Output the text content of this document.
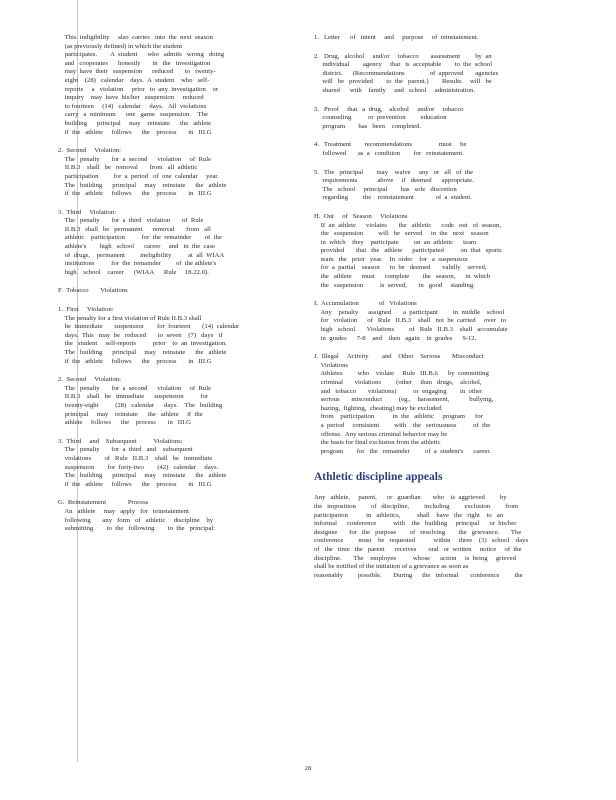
This  indigibility     also  carries   into  the  next  season
(as previously defined) in which the student
participates.        A  student      who   admits   wrong   doing
and   cooperates      honestly       in   the   investigation
may  have  their   suspension      reduced       to   twenty-
eight    (28)   calendar    days.  A  student    who   self-
reports     a   violation     prior   to  any  investigation    or
inquiry    may  have  his/her   suspension     reduced
to fourteen     (14)   calendar     days.   All  violations
carry   a  minimum      one   game   suspension.    The
building      principal     may    reinstate      the   athlete
if  the   athlete     follows      the    process       in   III.G
2.  Second     Violation:
The   penalty       for  a  second      violation     of  Rule
II.B.3    shall   be   removal       from   all  athletic
participation         for  a  period   of  one  calendar     year.
The   building      principal     may    reinstate      the   athlete
if  the   athlete     follows      the    process       in   III.G
3.  Third     Violation:
The   penalty       for  a  third   violation       of  Rule
II.B.3   shall   be   permanent      removal       from   all
athletic    participation          for  the  remainder        of  the
athlete's        high   school      career     and   in  the  case
of  drugs,    permanent         ineligibility          at  all  WIAA
institutions          for  the  remainder         of  the athlete's
high    school    career      (WIAA      Rule     18.22.0).
F.  Tobacco       Violations
1.  First     Violation:
The penalty for a first violation of Rule II.B.3 shall
be  immediate       suspension        for  fourteen       (14)  calendar
days.  This   may  be   reduced       to  seven    (7)   days   if
the   student     self-reports          prior    to  an  investigation.
The   building      principal     may    reinstate      the   athlete
if  the   athlete     follows      the    process       in   III.G
2.  Second     Violation:
The   penalty       for  a  second      violation     of  Rule
II.B.3    shall   be   immediate      suspension          for
twenty-eight          (28)   calendar      days.    The   building
principal     may    reinstate      the   athlete     if  the
athlete     follows      the    process       in   III.G
3.  Third     and    Subsequent          Violations:
The   penalty       for  a  third   and    subsequent
violations        of   Rule   II.B.3    shall   be   immediate
suspension        for  forty-two        (42)   calendar     days.
The   building      principal     may    reinstate      the   athlete
if  the   athlete     follows      the    process       in   III.G
G.  Reinstatement             Process
An   athlete     may   apply   for   reinstatement
following       any   form   of   athletic     discipline    by
submitting        to  the   following        to  the   principal:
1.   Letter      of   intent     and     purpose     of  reinstatement.
2.   Drug,   alcohol     and/or     tobacco       assessment         by  an
individual        agency     that   is  acceptable        to  the  school
district.      (Recommendations               of  approved       agencies
will   be   provided        to  the   parent.)        Results     will   be
shared      with    family     and   school     administration.
3.   Proof     that   a  drug,    alcohol     and/or     tobacco
counseling          or  prevention         education
program        has   been    completed.
4.   Treatment        recommendations                must     be
followed       as  a   condition        for   reinstatement.
5.   The   principal        may    waive     any   or   all   of  the
requirements            above     if   deemed      appropriate.
The   school     principal        has   sole   discretion
regarding         the    reinstatement             of  a  student.
H.  Out     of   Season     Violations
If  an  athlete      violates       the   athletic      code   out   of  season,
the   suspension         will   be   served     in  the   next    season
in  which    they    participate         on  an  athletic      team
provided       that   the   athlete      participated          on  that   sports
team   the   prior   year.    In  order    for   a  suspension
for  a  partial    season      to  be   deemed       validly    served,
the   athlete      must      complete        the   season,      in  which
the   suspension          is  served,       in   good     standing.
I.  Accumulation            of   Violations
Any    penalty      assigned       a  participant         in  middle    school
for   violation      of   Rule   II.B.3    shall   not  be  carried     over   to
high   school.      Violations         of   Rule   II.B.3    shall   accumulate
in  grades      7-8    and    then   again    in  grades      9-12.
J.  Illegal     Activity        and    Other    Serious       Misconduct
Violations
Athletes         who    violate     Rule   III.B.6      by  committing
criminal       violations         (other     than   drugs,    alcohol,
and   tobacco       violations)          or  engaging        in  other
serious       misconduct          (eg.,    harassment,            bullying,
hazing,  fighting,  cheating) may be excluded
from    participation           in  the   athletic     program      for
a  period     consistent         with    the   seriousness          of  the
offense.  Any serious criminal behavior may be
the basis for final exclusion from the athletic
program        for   the   remainder         of  a  student's      career.
Athletic discipline appeals
Any   athlete,     parent,      or   guardian       who    is  aggrieved         by
the   imposition         of   discipline,         including         exclusion         from
participation           in   athletics,          shall    have   the   right    to   an
informal      conference          with    the   building     principal      or  his/her
designee       for   the   purpose        of   resolving        the   grievance.       The
conference         must    be   requested           within     three    (3)   school    days
of   the   time   the   parent      receives       oral   or  written     notice     of  the
discipline.       The    employee          whose      action     is  being     grieved
shall be notified of the initiation of a grievance as soon as
reasonably         possible.       During      the   informal       conference         the
28
